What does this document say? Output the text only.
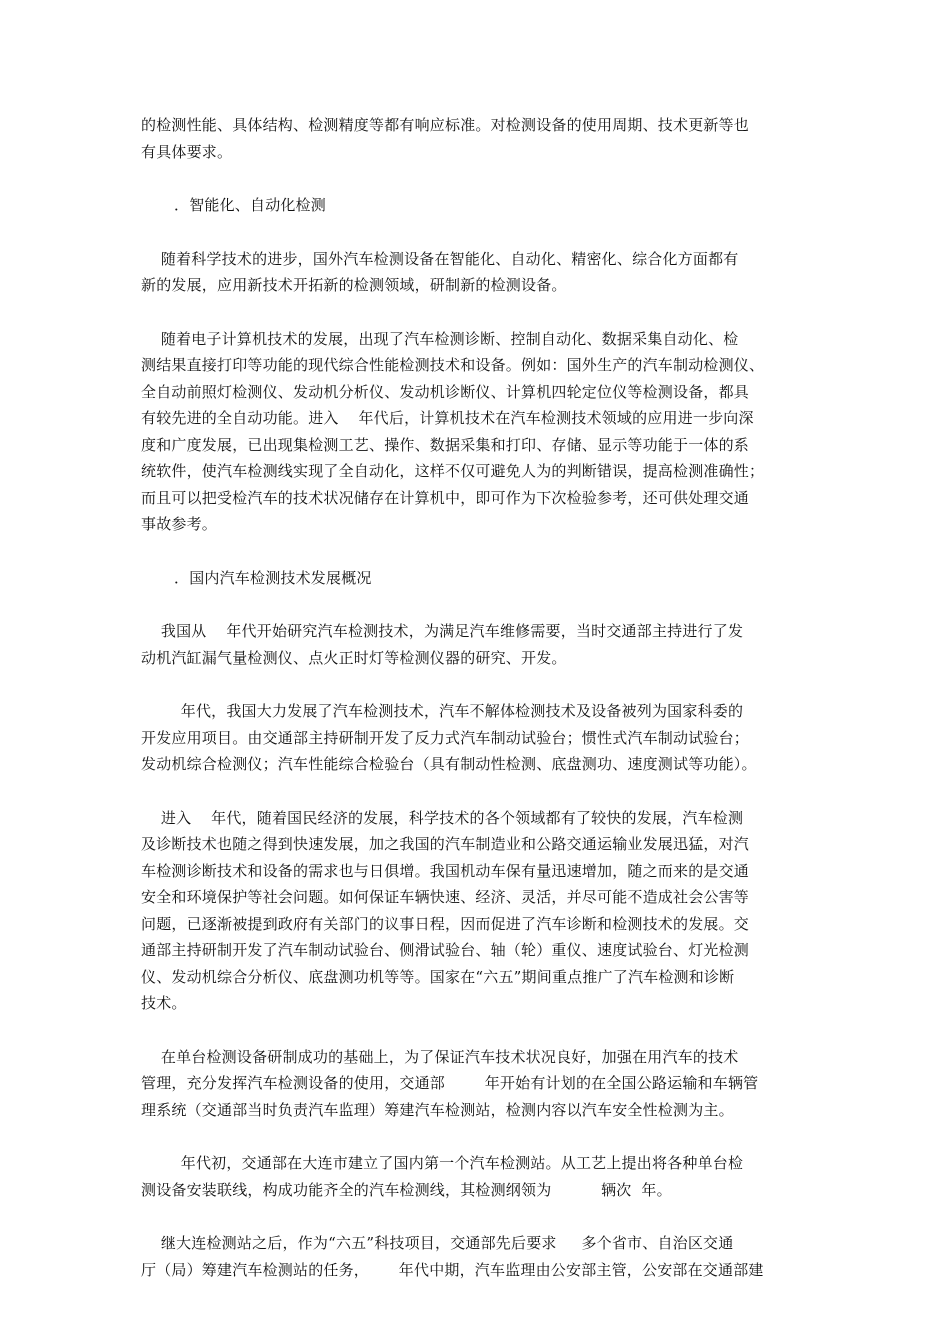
的检测性能、具体结构、检测精度等都有响应标准。对检测设备的使用周期、技术更新等也
有具体要求。

．智能化、自动化检测

随着科学技术的进步，国外汽车检测设备在智能化、自动化、精密化、综合化方面都有
新的发展，应用新技术开拓新的检测领域，研制新的检测设备。

随着电子计算机技术的发展，出现了汽车检测诊断、控制自动化、数据采集自动化、检
测结果直接打印等功能的现代综合性能检测技术和设备。例如：国外生产的汽车制动检测仪、
全自动前照灯检测仪、发动机分析仪、发动机诊断仪、计算机四轮定位仪等检测设备，都具
有较先进的全自动功能。进入    年代后，计算机技术在汽车检测技术领域的应用进一步向深
度和广度发展，已出现集检测工艺、操作、数据采集和打印、存储、显示等功能于一体的系
统软件，使汽车检测线实现了全自动化，这样不仅可避免人为的判断错误，提高检测准确性；
而且可以把受检汽车的技术状况储存在计算机中，即可作为下次检验参考，还可供处理交通
事故参考。

．国内汽车检测技术发展概况

我国从    年代开始研究汽车检测技术，为满足汽车维修需要，当时交通部主持进行了发
动机汽缸漏气量检测仪、点火正时灯等检测仪器的研究、开发。

年代，我国大力发展了汽车检测技术，汽车不解体检测技术及设备被列为国家科委的
开发应用项目。由交通部主持研制开发了反力式汽车制动试验台；惯性式汽车制动试验台；
发动机综合检测仪；汽车性能综合检验台（具有制动性检测、底盘测功、速度测试等功能）。

进入    年代，随着国民经济的发展，科学技术的各个领域都有了较快的发展，汽车检测
及诊断技术也随之得到快速发展，加之我国的汽车制造业和公路交通运输业发展迅猛，对汽
车检测诊断技术和设备的需求也与日俱增。我国机动车保有量迅速增加，随之而来的是交通
安全和环境保护等社会问题。如何保证车辆快速、经济、灵活，并尽可能不造成社会公害等
问题，已逐渐被提到政府有关部门的议事日程，因而促进了汽车诊断和检测技术的发展。交
通部主持研制开发了汽车制动试验台、侧滑试验台、轴（轮）重仪、速度试验台、灯光检测
仪、发动机综合分析仪、底盘测功机等等。国家在“六五”期间重点推广了汽车检测和诊断
技术。

在单台检测设备研制成功的基础上，为了保证汽车技术状况良好，加强在用汽车的技术
管理，充分发挥汽车检测设备的使用，交通部        年开始有计划的在全国公路运输和车辆管
理系统（交通部当时负责汽车监理）筹建汽车检测站，检测内容以汽车安全性检测为主。

年代初，交通部在大连市建立了国内第一个汽车检测站。从工艺上提出将各种单台检
测设备安装联线，构成功能齐全的汽车检测线，其检测纲领为          辆次  年。

继大连检测站之后，作为“六五”科技项目，交通部先后要求     多个省市、自治区交通
厅（局）筹建汽车检测站的任务，      年代中期，汽车监理由公安部主管，公安部在交通部建
